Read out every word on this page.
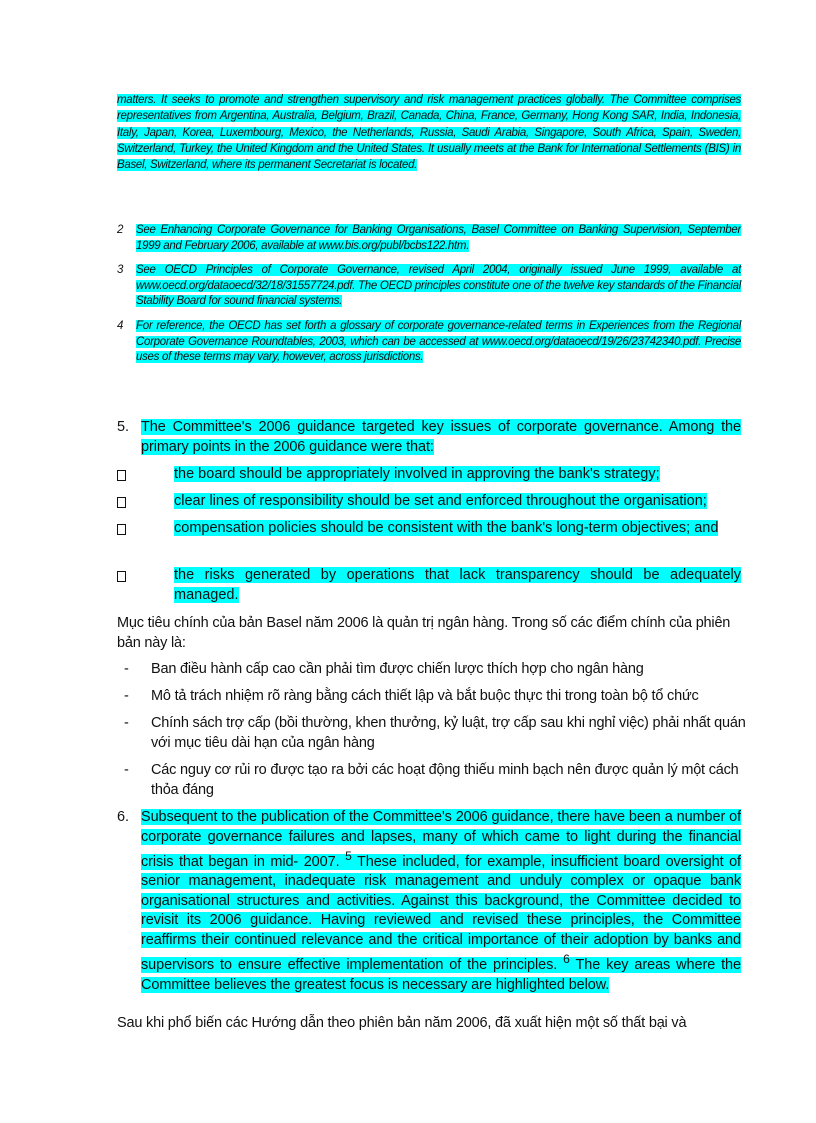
matters. It seeks to promote and strengthen supervisory and risk management practices globally. The Committee comprises representatives from Argentina, Australia, Belgium, Brazil, Canada, China, France, Germany, Hong Kong SAR, India, Indonesia, Italy, Japan, Korea, Luxembourg, Mexico, the Netherlands, Russia, Saudi Arabia, Singapore, South Africa, Spain, Sweden, Switzerland, Turkey, the United Kingdom and the United States. It usually meets at the Bank for International Settlements (BIS) in Basel, Switzerland, where its permanent Secretariat is located.
2 See Enhancing Corporate Governance for Banking Organisations, Basel Committee on Banking Supervision, September 1999 and February 2006, available at www.bis.org/publ/bcbs122.htm.
3 See OECD Principles of Corporate Governance, revised April 2004, originally issued June 1999, available at www.oecd.org/dataoecd/32/18/31557724.pdf. The OECD principles constitute one of the twelve key standards of the Financial Stability Board for sound financial systems.
4 For reference, the OECD has set forth a glossary of corporate governance-related terms in Experiences from the Regional Corporate Governance Roundtables, 2003, which can be accessed at www.oecd.org/dataoecd/19/26/23742340.pdf. Precise uses of these terms may vary, however, across jurisdictions.
5. The Committee's 2006 guidance targeted key issues of corporate governance. Among the primary points in the 2006 guidance were that:
the board should be appropriately involved in approving the bank's strategy;
clear lines of responsibility should be set and enforced throughout the organisation;
compensation policies should be consistent with the bank's long-term objectives; and
the risks generated by operations that lack transparency should be adequately managed.
Mục tiêu chính của bản Basel năm 2006 là quản trị ngân hàng. Trong số các điểm chính của phiên bản này là:
- Ban điều hành cấp cao cần phải tìm được chiến lược thích hợp cho ngân hàng
- Mô tả trách nhiệm rõ ràng bằng cách thiết lập và bắt buộc thực thi trong toàn bộ tổ chức
- Chính sách trợ cấp (bồi thường, khen thưởng, kỷ luật, trợ cấp sau khi nghỉ việc) phải nhất quán với mục tiêu dài hạn của ngân hàng
- Các nguy cơ rủi ro được tạo ra bởi các hoạt động thiếu minh bạch nên được quản lý một cách thỏa đáng
6. Subsequent to the publication of the Committee's 2006 guidance, there have been a number of corporate governance failures and lapses, many of which came to light during the financial crisis that began in mid- 2007. $^5$ These included, for example, insufficient board oversight of senior management, inadequate risk management and unduly complex or opaque bank organisational structures and activities. Against this background, the Committee decided to revisit its 2006 guidance. Having reviewed and revised these principles, the Committee reaffirms their continued relevance and the critical importance of their adoption by banks and supervisors to ensure effective implementation of the principles. $^6$ The key areas where the Committee believes the greatest focus is necessary are highlighted below.
Sau khi phổ biến các Hướng dẫn theo phiên bản năm 2006, đã xuất hiện một số thất bại và
